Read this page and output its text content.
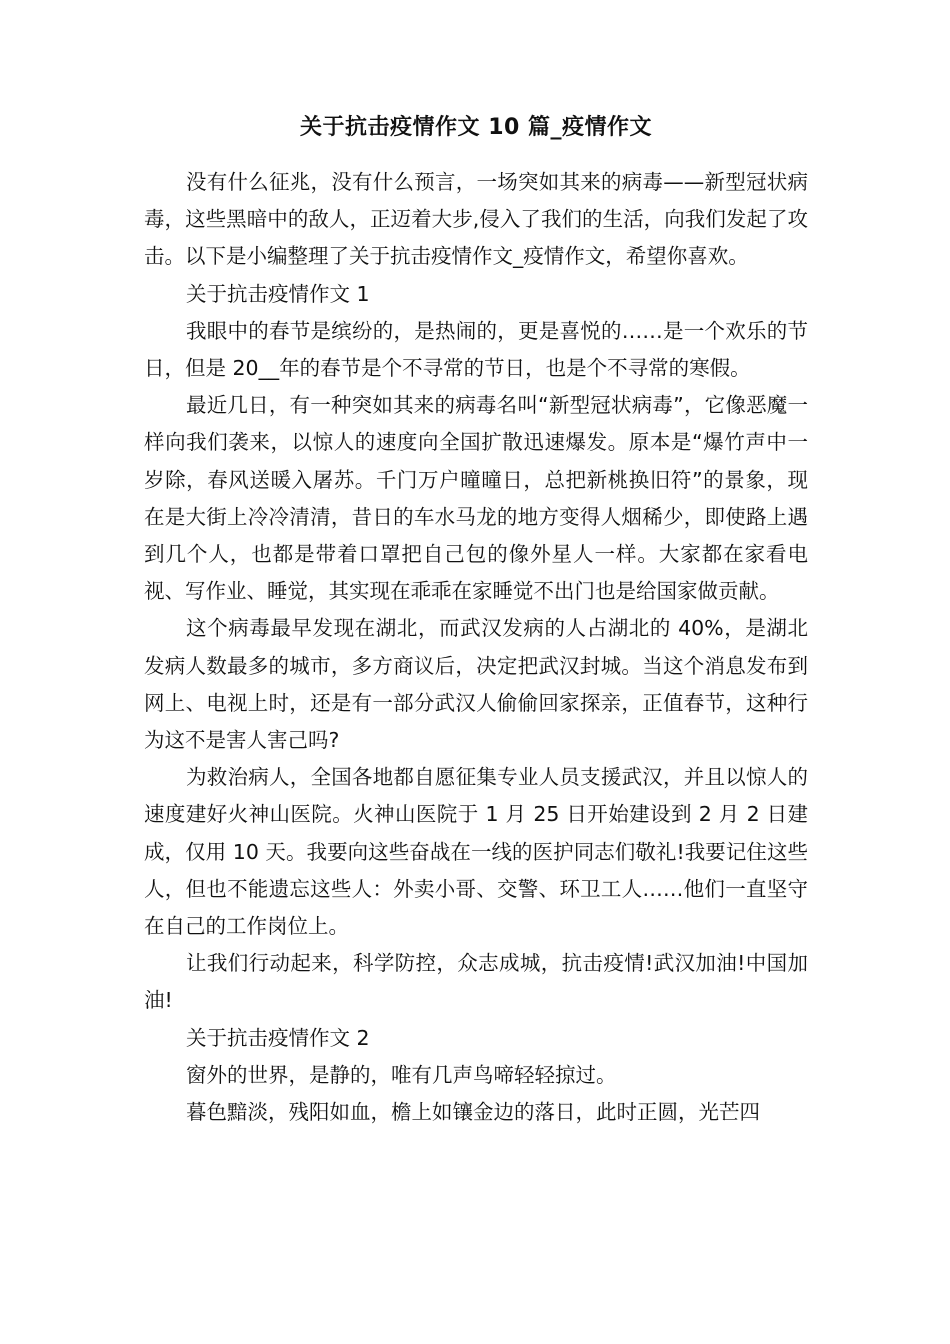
关于抗击疫情作文 10 篇_疫情作文

没有什么征兆，没有什么预言，一场突如其来的病毒——新型冠状病毒，这些黑暗中的敌人，正迈着大步,侵入了我们的生活，向我们发起了攻击。以下是小编整理了关于抗击疫情作文_疫情作文，希望你喜欢。

关于抗击疫情作文 1

我眼中的春节是缤纷的，是热闹的，更是喜悦的……是一个欢乐的节日，但是 20__年的春节是个不寻常的节日，也是个不寻常的寒假。

最近几日，有一种突如其来的病毒名叫“新型冠状病毒”，它像恶魔一样向我们袭来，以惊人的速度向全国扩散迅速爆发。原本是“爆竹声中一岁除，春风送暖入屠苏。千门万户曈曈日，总把新桃换旧符”的景象，现在是大街上冷冷清清，昔日的车水马龙的地方变得人烟稀少，即使路上遇到几个人，也都是带着口罩把自己包的像外星人一样。大家都在家看电视、写作业、睡觉，其实现在乖乖在家睡觉不出门也是给国家做贡献。

这个病毒最早发现在湖北，而武汉发病的人占湖北的 40%，是湖北发病人数最多的城市，多方商议后，决定把武汉封城。当这个消息发布到网上、电视上时，还是有一部分武汉人偷偷回家探亲，正值春节，这种行为这不是害人害己吗?

为救治病人，全国各地都自愿征集专业人员支援武汉，并且以惊人的速度建好火神山医院。火神山医院于 1 月 25 日开始建设到 2 月 2 日建成，仅用 10 天。我要向这些奋战在一线的医护同志们敬礼!我要记住这些人，但也不能遗忘这些人：外卖小哥、交警、环卫工人……他们一直坚守在自己的工作岗位上。

让我们行动起来，科学防控，众志成城，抗击疫情!武汉加油!中国加油!

关于抗击疫情作文 2

窗外的世界，是静的，唯有几声鸟啼轻轻掠过。

暮色黯淡，残阳如血，檐上如镶金边的落日，此时正圆，光芒四
